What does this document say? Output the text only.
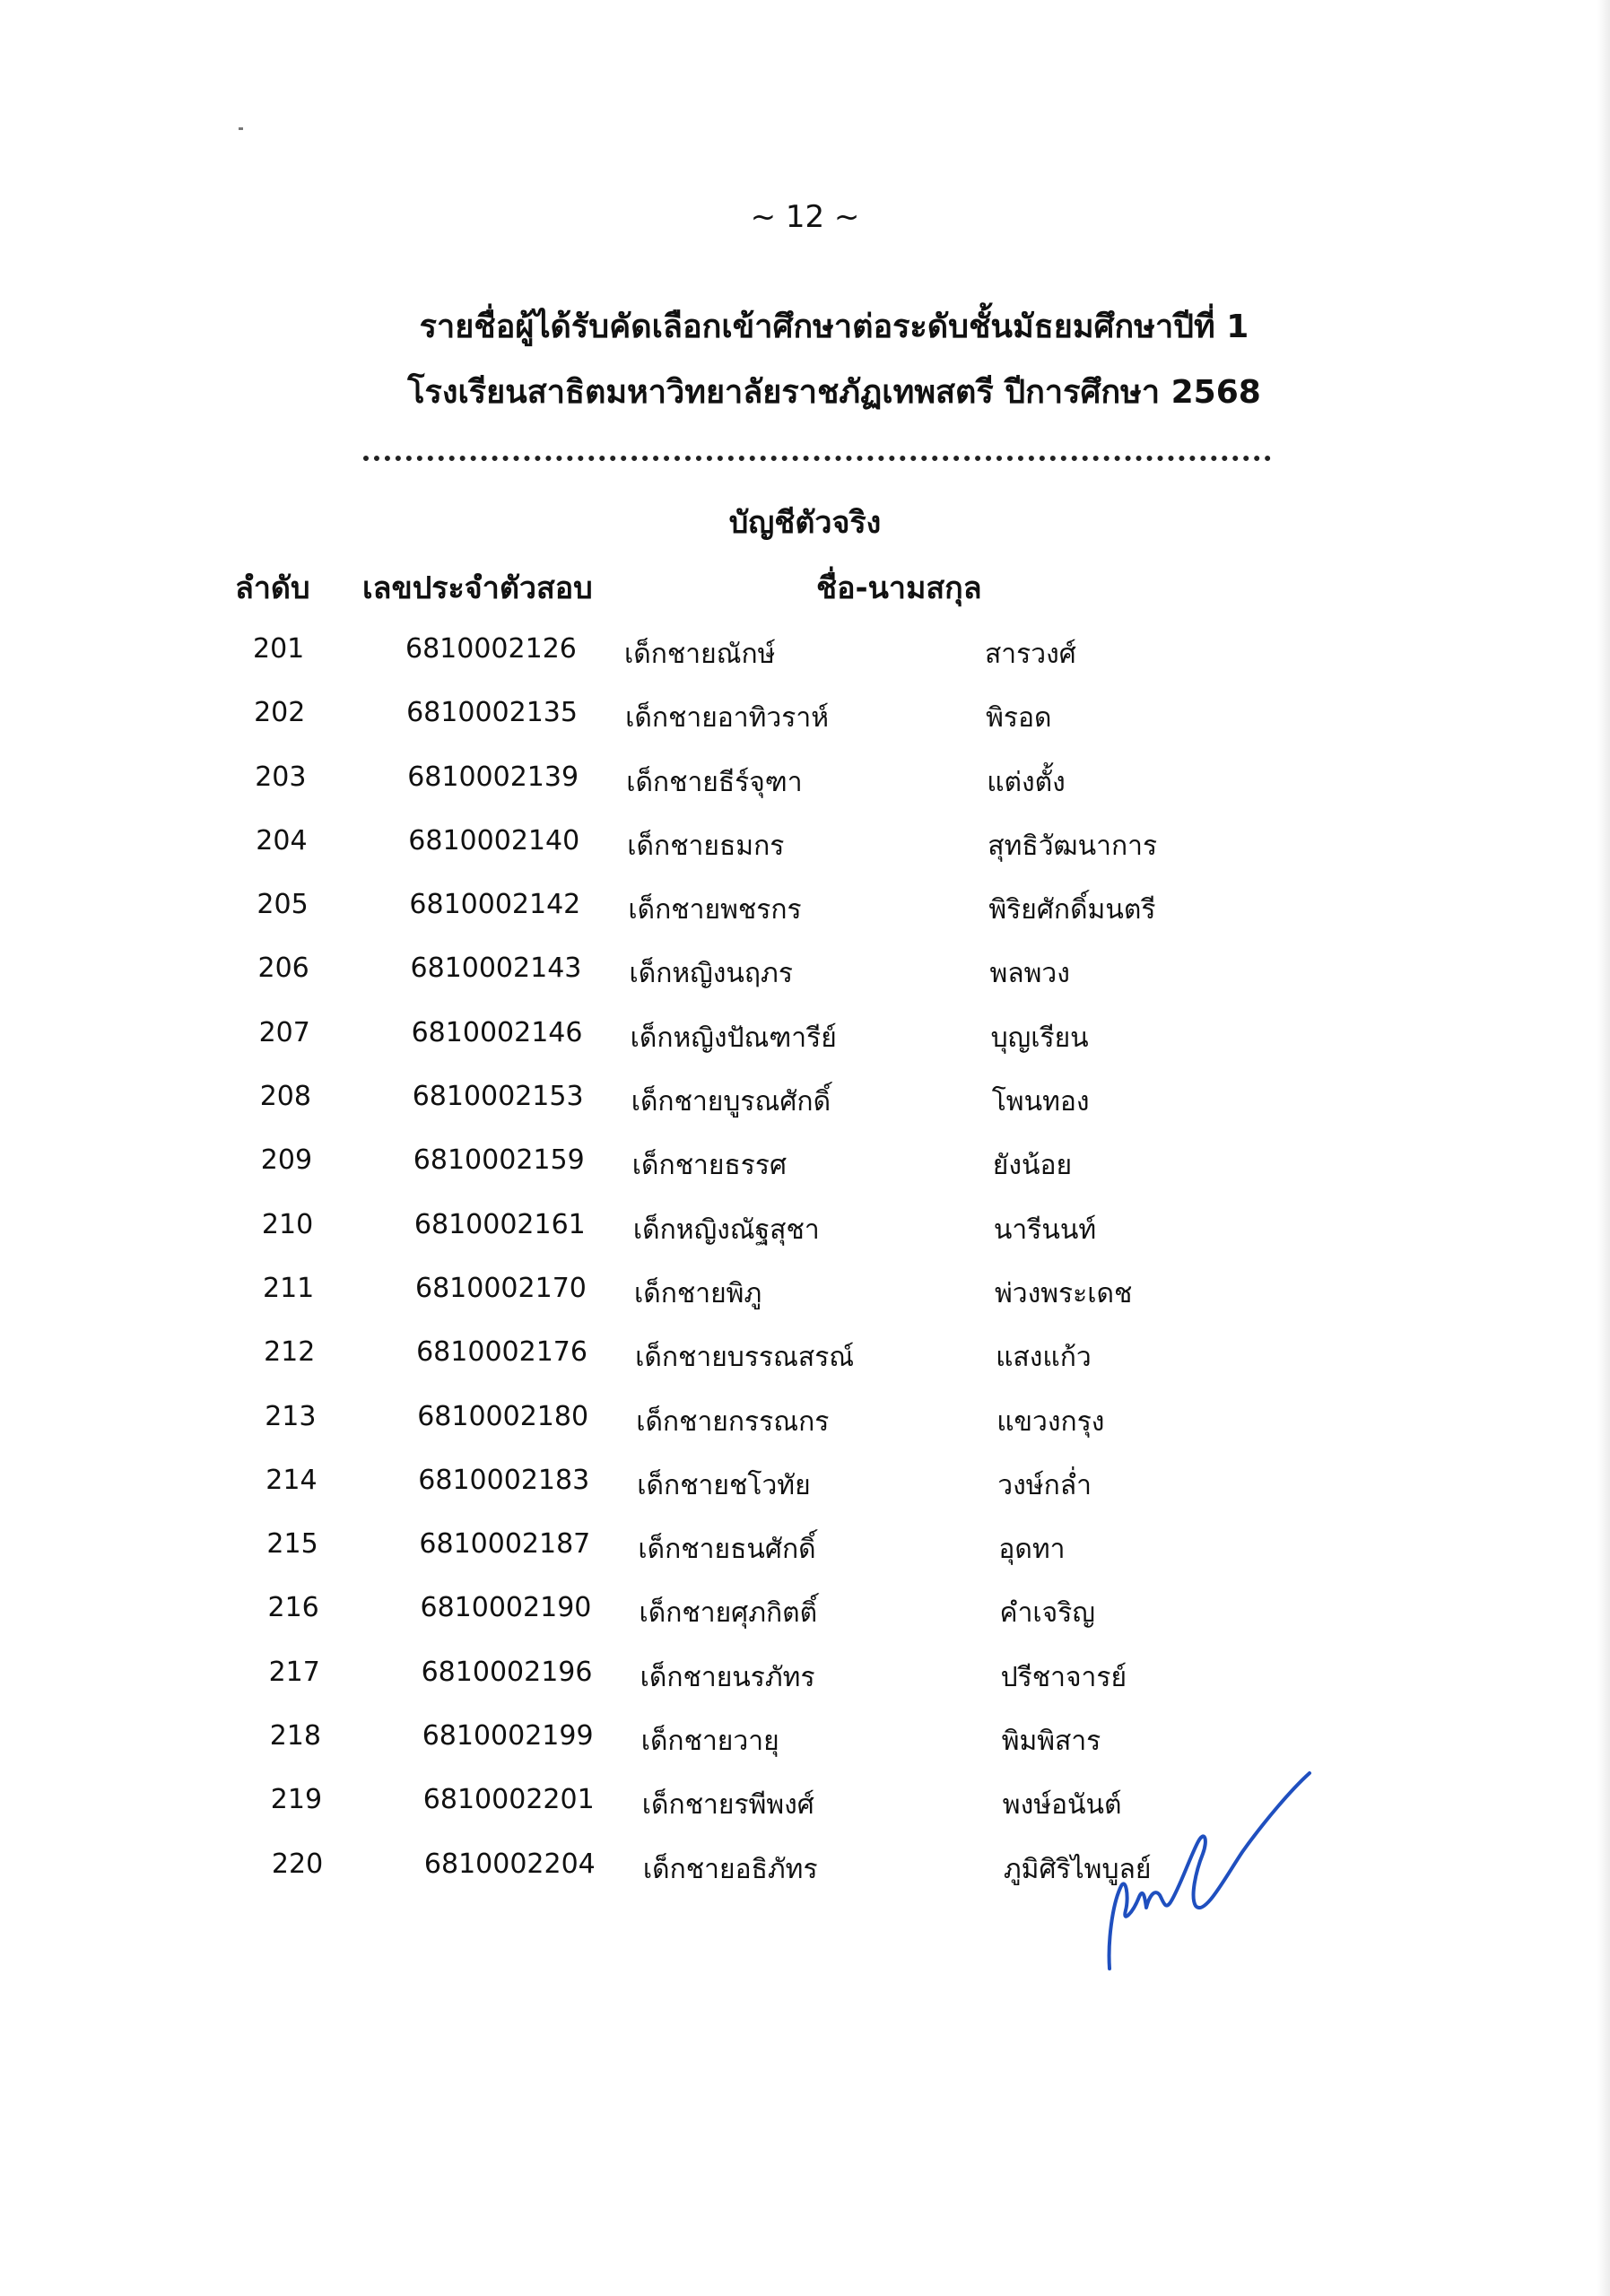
~ 12 ~
รายชื่อผู้ได้รับคัดเลือกเข้าศึกษาต่อระดับชั้นมัธยมศึกษาปีที่ 1
โรงเรียนสาธิตมหาวิทยาลัยราชภัฏเทพสตรี ปีการศึกษา 2568
บัญชีตัวจริง
ลำดับ เลขประจำตัวสอบ	ชื่อ-นามสกุล
201	6810002126 เด็กชายณักษ์	สารวงศ์
202	6810002135 เด็กชายอาทิวราห์	พิรอด
203	6810002139 เด็กชายธีร์จุฑา	แต่งตั้ง
204	6810002140 เด็กชายธมกร	สุทธิวัฒนาการ
205	6810002142 เด็กชายพชรกร	พิริยศักดิ์มนตรี
206	6810002143 เด็กหญิงนฤภร	พลพวง
207	6810002146 เด็กหญิงปัณฑารีย์	บุญเรียน
208	6810002153 เด็กชายบูรณศักดิ์	โพนทอง
209	6810002159 เด็กชายธรรศ	ยังน้อย
210	6810002161 เด็กหญิงณัฐสุชา	นารีนนท์
211	6810002170 เด็กชายพิภู	พ่วงพระเดช
212	6810002176 เด็กชายบรรณสรณ์	แสงแก้ว
213	6810002180 เด็กชายกรรณกร	แขวงกรุง
214	6810002183 เด็กชายชโวทัย	วงษ์กล่ำ
215	6810002187 เด็กชายธนศักดิ์	อุดทา
216	6810002190 เด็กชายศุภกิตติ์	คำเจริญ
217	6810002196 เด็กชายนรภัทร	ปรีชาจารย์
218	6810002199 เด็กชายวายุ	พิมพิสาร
219	6810002201 เด็กชายรพีพงศ์	พงษ์อนันต์
220	6810002204 เด็กชายอธิภัทร	ภูมิศิริไพบูลย์
